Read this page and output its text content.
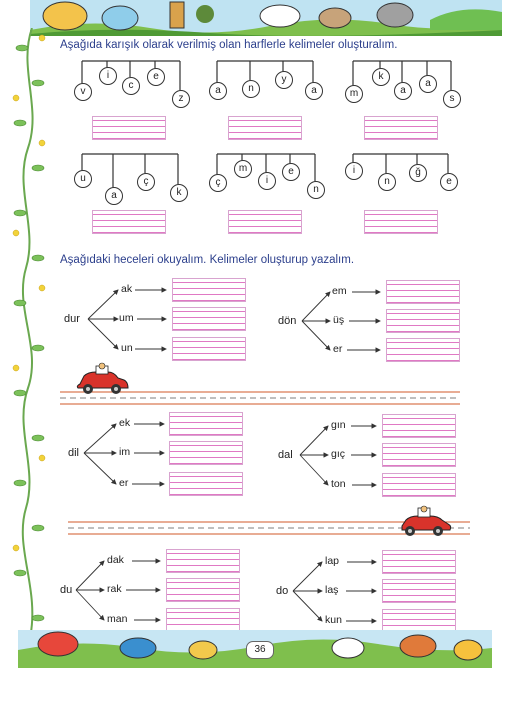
Aşağıda karışık olarak verilmiş olan harflerle kelimeler oluşturalım.
v
i
c
e
z
a	n
y
a	m
k
a
a
s
u
a
ç
k
ç
m
i
e
n
i
n
ğ
e
Aşağıdaki heceleri okuyalım. Kelimeler oluşturup yazalım.
dur
ak
um
un
dön
em
üş
er
dil
ek
im
er
dal
gın
gıç
ton
du
dak
rak
man
do
lap
laş
kun
36
